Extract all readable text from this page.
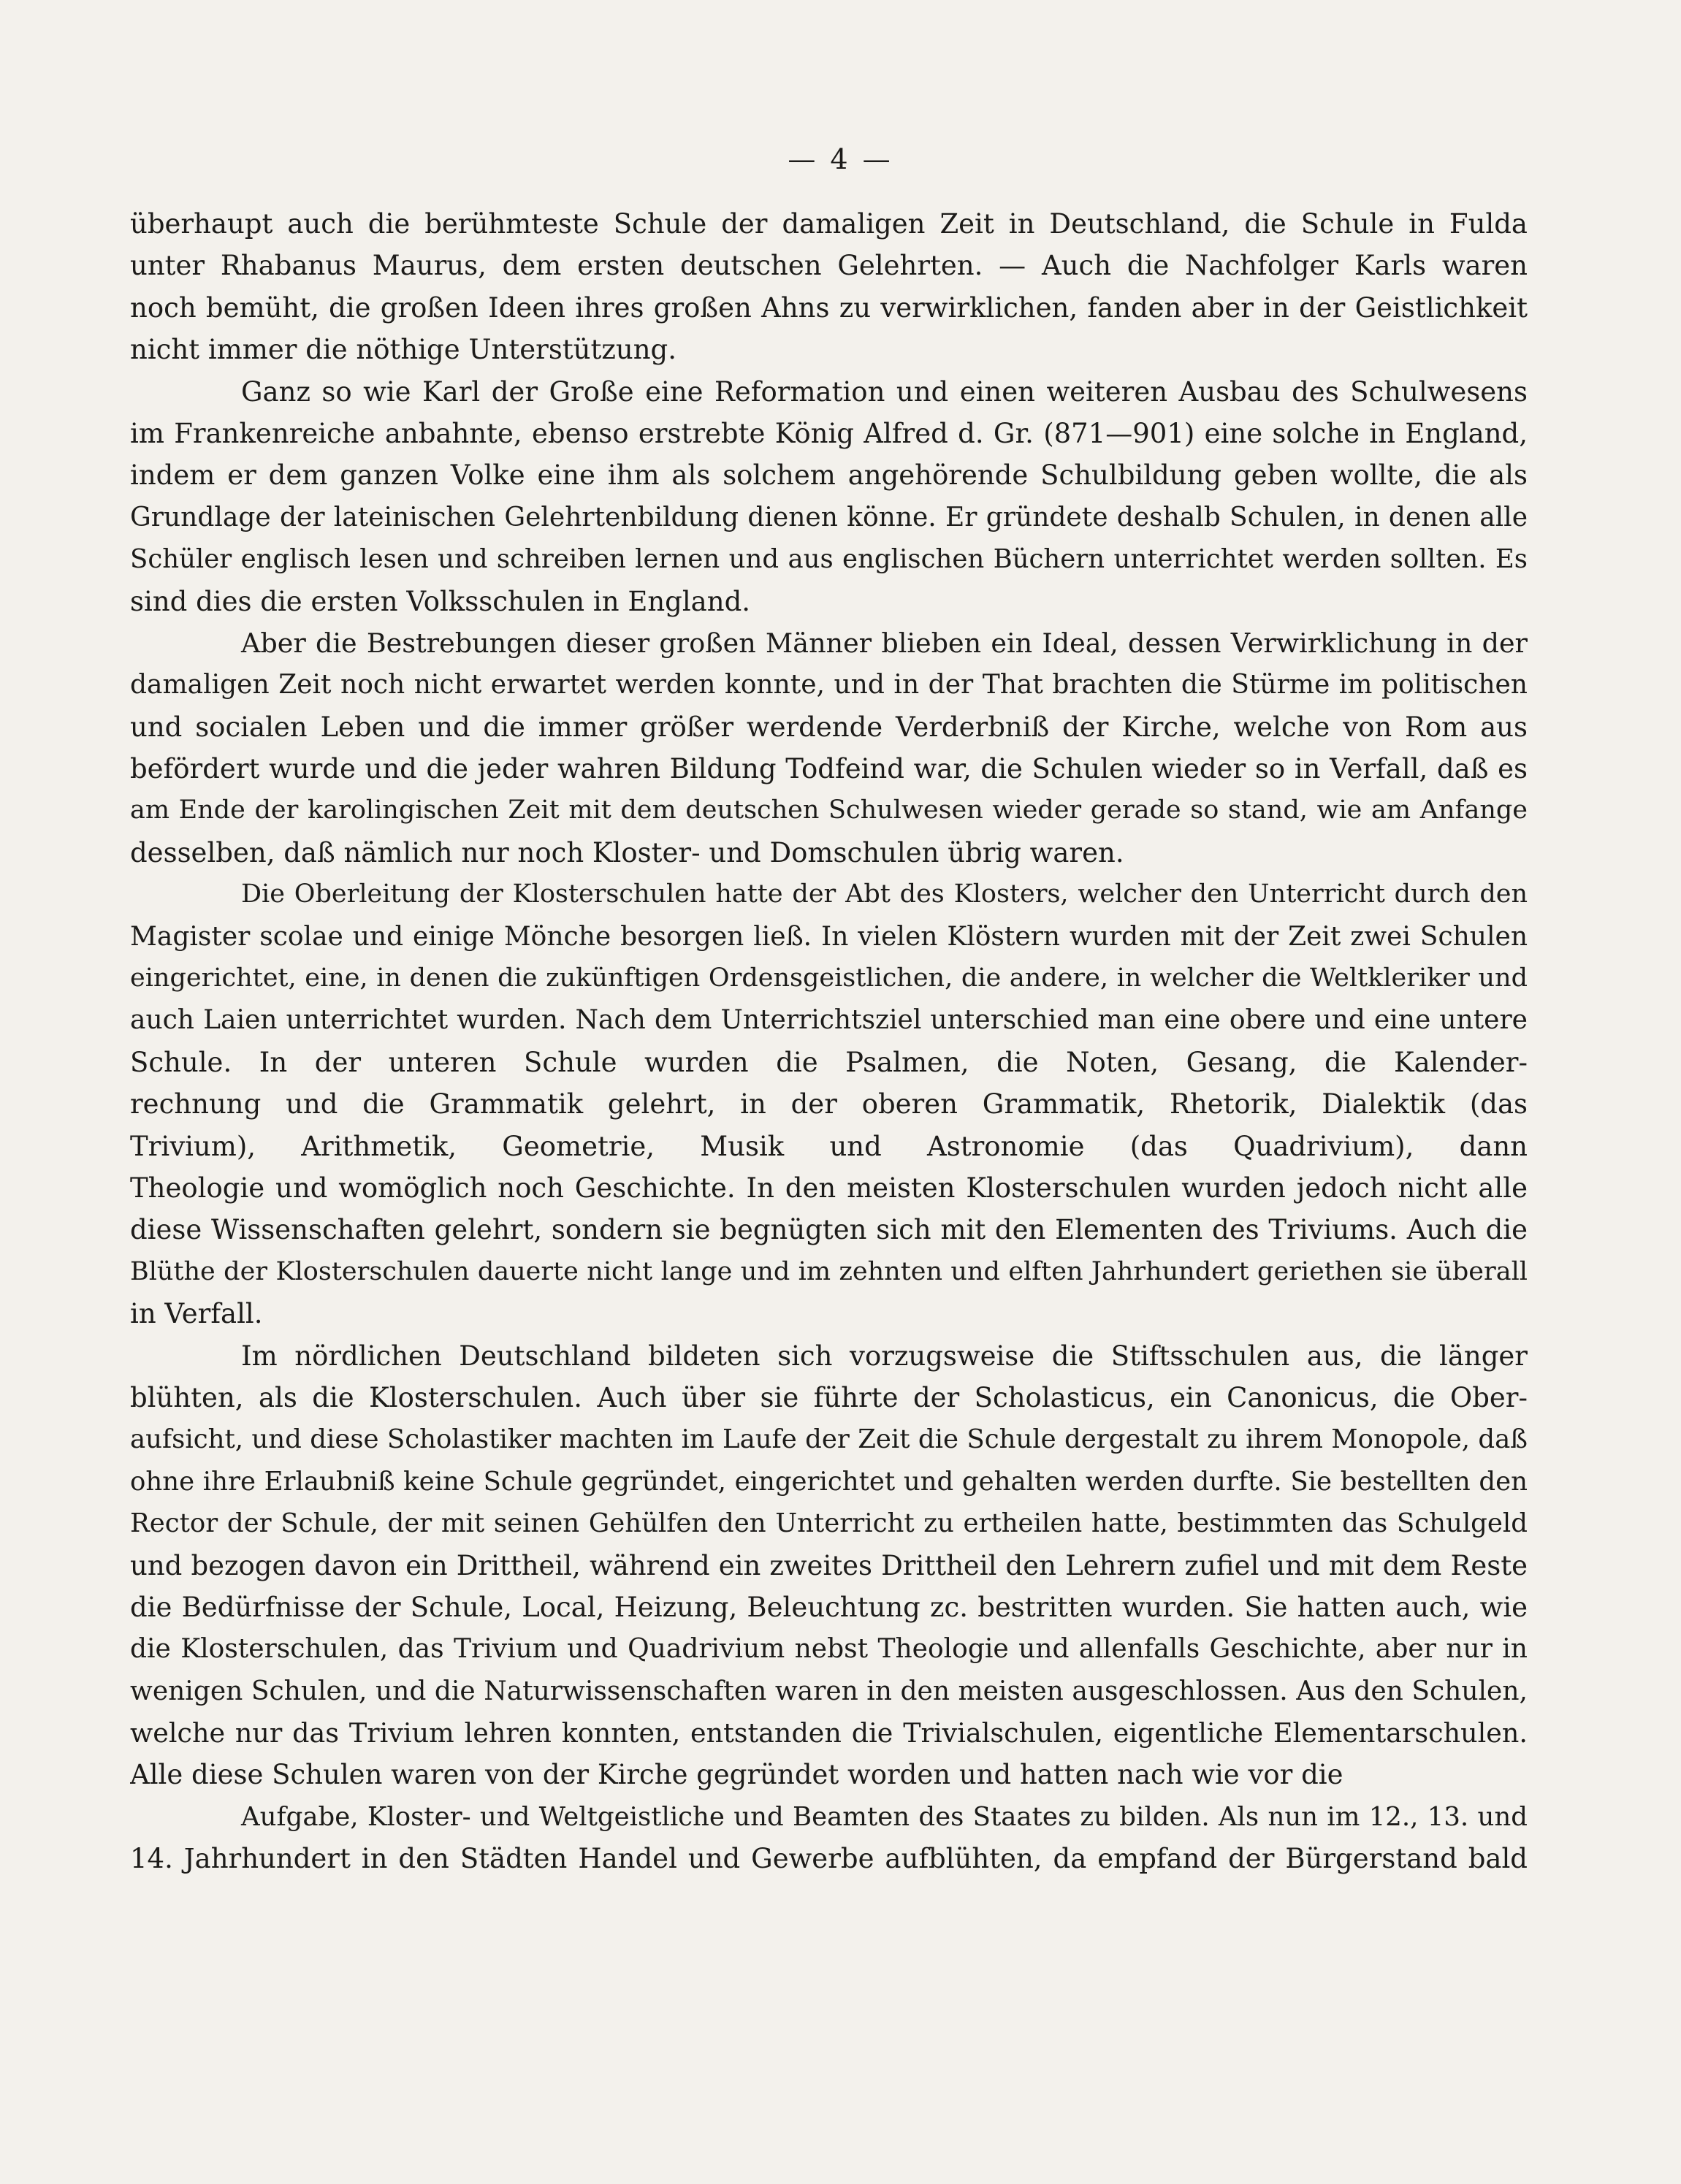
— 4 —
überhaupt auch die berühmteste Schule der damaligen Zeit in Deutschland, die Schule in Fulda
unter Rhabanus Maurus, dem ersten deutschen Gelehrten. — Auch die Nachfolger Karls waren
noch bemüht, die großen Ideen ihres großen Ahns zu verwirklichen, fanden aber in der Geistlichkeit
nicht immer die nöthige Unterstützung.
Ganz so wie Karl der Große eine Reformation und einen weiteren Ausbau des Schulwesens
im Frankenreiche anbahnte, ebenso erstrebte König Alfred d. Gr. (871—901) eine solche in England,
indem er dem ganzen Volke eine ihm als solchem angehörende Schulbildung geben wollte, die als
Grundlage der lateinischen Gelehrtenbildung dienen könne. Er gründete deshalb Schulen, in denen alle
Schüler englisch lesen und schreiben lernen und aus englischen Büchern unterrichtet werden sollten. Es
sind dies die ersten Volksschulen in England.
Aber die Bestrebungen dieser großen Männer blieben ein Ideal, dessen Verwirklichung in der
damaligen Zeit noch nicht erwartet werden konnte, und in der That brachten die Stürme im politischen
und socialen Leben und die immer größer werdende Verderbniß der Kirche, welche von Rom aus
befördert wurde und die jeder wahren Bildung Todfeind war, die Schulen wieder so in Verfall, daß es
am Ende der karolingischen Zeit mit dem deutschen Schulwesen wieder gerade so stand, wie am Anfange
desselben, daß nämlich nur noch Kloster- und Domschulen übrig waren.
Die Oberleitung der Klosterschulen hatte der Abt des Klosters, welcher den Unterricht durch den
Magister scolae und einige Mönche besorgen ließ. In vielen Klöstern wurden mit der Zeit zwei Schulen
eingerichtet, eine, in denen die zukünftigen Ordensgeistlichen, die andere, in welcher die Weltkleriker und
auch Laien unterrichtet wurden. Nach dem Unterrichtsziel unterschied man eine obere und eine untere
Schule. In der unteren Schule wurden die Psalmen, die Noten, Gesang, die Kalender-
rechnung und die Grammatik gelehrt, in der oberen Grammatik, Rhetorik, Dialektik (das
Trivium), Arithmetik, Geometrie, Musik und Astronomie (das Quadrivium), dann
Theologie und womöglich noch Geschichte. In den meisten Klosterschulen wurden jedoch nicht alle
diese Wissenschaften gelehrt, sondern sie begnügten sich mit den Elementen des Triviums. Auch die
Blüthe der Klosterschulen dauerte nicht lange und im zehnten und elften Jahrhundert geriethen sie überall
in Verfall.
Im nördlichen Deutschland bildeten sich vorzugsweise die Stiftsschulen aus, die länger
blühten, als die Klosterschulen. Auch über sie führte der Scholasticus, ein Canonicus, die Ober-
aufsicht, und diese Scholastiker machten im Laufe der Zeit die Schule dergestalt zu ihrem Monopole, daß
ohne ihre Erlaubniß keine Schule gegründet, eingerichtet und gehalten werden durfte. Sie bestellten den
Rector der Schule, der mit seinen Gehülfen den Unterricht zu ertheilen hatte, bestimmten das Schulgeld
und bezogen davon ein Drittheil, während ein zweites Drittheil den Lehrern zufiel und mit dem Reste
die Bedürfnisse der Schule, Local, Heizung, Beleuchtung zc. bestritten wurden. Sie hatten auch, wie
die Klosterschulen, das Trivium und Quadrivium nebst Theologie und allenfalls Geschichte, aber nur in
wenigen Schulen, und die Naturwissenschaften waren in den meisten ausgeschlossen. Aus den Schulen,
welche nur das Trivium lehren konnten, entstanden die Trivialschulen, eigentliche Elementarschulen.
Alle diese Schulen waren von der Kirche gegründet worden und hatten nach wie vor die
Aufgabe, Kloster- und Weltgeistliche und Beamten des Staates zu bilden. Als nun im 12., 13. und
14. Jahrhundert in den Städten Handel und Gewerbe aufblühten, da empfand der Bürgerstand bald
